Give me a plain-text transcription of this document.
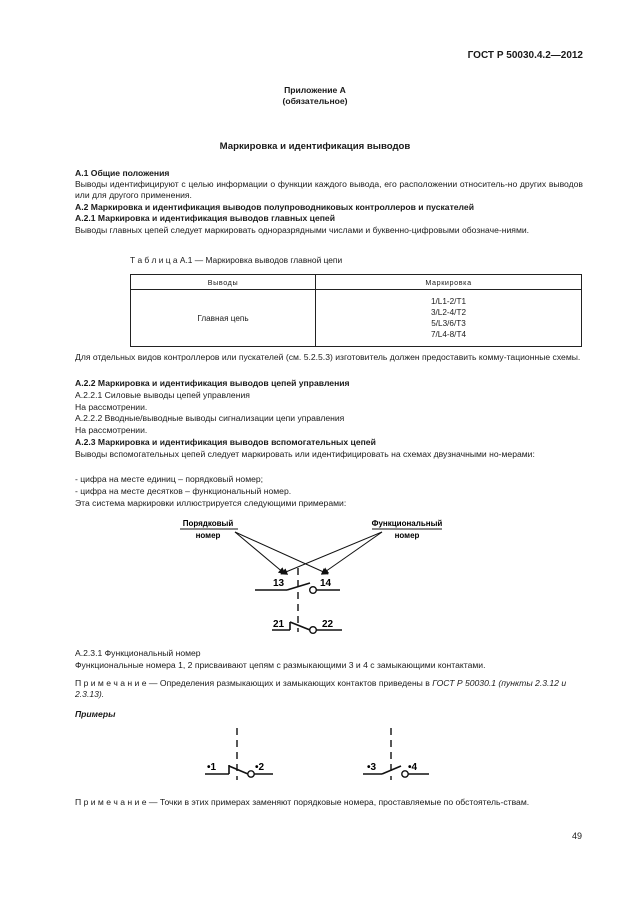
ГОСТ Р 50030.4.2—2012
Приложение А
(обязательное)
Маркировка и идентификация выводов
А.1 Общие положения
Выводы идентифицируют с целью информации о функции каждого вывода, его расположении относитель-но других выводов или для другого применения.
А.2 Маркировка и идентификация выводов полупроводниковых контроллеров и пускателей
А.2.1 Маркировка и идентификация выводов главных цепей
Выводы главных цепей следует маркировать одноразрядными числами и буквенно-цифровыми обозначе-ниями.
Т а б л и ц а А.1 — Маркировка выводов главной цепи
Выводы	Маркировка
Главная цепь	1/L1-2/T1
3/L2-4/T2
5/L3/6/T3
7/L4-8/T4
Для отдельных видов контроллеров или пускателей (см. 5.2.5.3) изготовитель должен предоставить комму-тационные схемы.
А.2.2 Маркировка и идентификация выводов цепей управления
А.2.2.1 Силовые выводы цепей управления
На рассмотрении.
А.2.2.2 Вводные/выводные выводы сигнализации цепи управления
На рассмотрении.
А.2.3 Маркировка и идентификация выводов вспомогательных цепей
Выводы вспомогательных цепей следует маркировать или идентифицировать на схемах двузначными но-мерами:
- цифра на месте единиц – порядковый номер;
- цифра на месте десятков – функциональный номер.
Эта система маркировки иллюстрируется следующими примерами:
Порядковый
номер
Функциональный
номер
13	14
21	22
А.2.3.1 Функциональный номер
Функциональные номера 1, 2 присваивают цепям с размыкающими 3 и 4 с замыкающими контактами.
П р и м е ч а н и е — Определения размыкающих и замыкающих контактов приведены в ГОСТ Р 50030.1 (пункты 2.3.12 и 2.3.13).
Примеры
•1	•2	•3	•4
П р и м е ч а н и е — Точки в этих примерах заменяют порядковые номера, проставляемые по обстоятель-ствам.
49
